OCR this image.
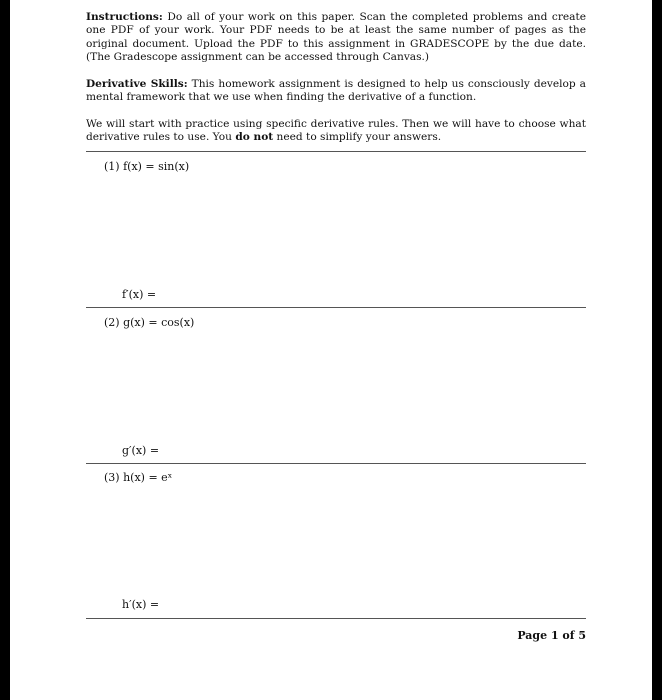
Instructions: Do all of your work on this paper. Scan the completed problems and create one PDF of your work. Your PDF needs to be at least the same number of pages as the original document. Upload the PDF to this assignment in GRADESCOPE by the due date. (The Gradescope assignment can be accessed through Canvas.)

Derivative Skills: This homework assignment is designed to help us consciously develop a mental framework that we use when finding the derivative of a function.

We will start with practice using specific derivative rules. Then we will have to choose what derivative rules to use. You do not need to simplify your answers.

(1) f(x) = sin(x)
f′(x) =
(2) g(x) = cos(x)
g′(x) =
(3) h(x) = eˣ
h′(x) =
Page 1 of 5
